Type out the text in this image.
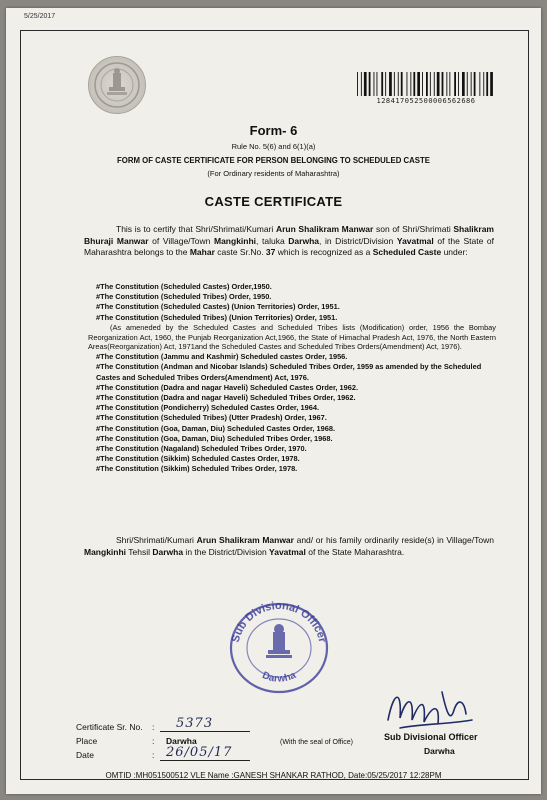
5/25/2017
128417052500006562686
Form- 6
Rule No. 5(6) and 6(1)(a)
FORM OF CASTE CERTIFICATE FOR PERSON BELONGING TO SCHEDULED CASTE
(For Ordinary residents of Maharashtra)
CASTE CERTIFICATE
This is to certify that Shri/Shrimati/Kumari Arun Shalikram Manwar son of Shri/Shrimati Shalikram Bhuraji Manwar of Village/Town Mangkinhi, taluka Darwha, in District/Division Yavatmal of the State of Maharashtra belongs to the Mahar caste Sr.No. 37 which is recognized as a Scheduled Caste under:
#The Constitution (Scheduled Castes) Order,1950.
#The Constitution (Scheduled Tribes) Order, 1950.
#The Constitution (Scheduled Castes) (Union Territories) Order, 1951.
#The Constitution (Scheduled Tribes) (Union Territories) Order, 1951.
(As ameneded by the Scheduled Castes and Scheduled Tribes lists (Modification) order, 1956 the Bombay Reorganization Act, 1960, the Punjab Reorganization Act,1966, the State of Himachal Pradesh Act, 1976, the North Eastern Areas(Reorganization) Act, 1971and the Scheduled Castes and Scheduled Tribes Orders(Amendment) Act, 1976).
#The Constitution (Jammu and Kashmir) Scheduled castes Order, 1956.
#The Constitution (Andman and Nicobar Islands) Scheduled Tribes Order, 1959 as amended by the Scheduled Castes and Scheduled Tribes Orders(Amendment) Act, 1976.
#The Constitution (Dadra and nagar Haveli) Scheduled Castes Order, 1962.
#The Constitution (Dadra and nagar Haveli) Scheduled Tribes Order, 1962.
#The Constitution (Pondicherry) Scheduled Castes Order, 1964.
#The Constitution (Scheduled Tribes) (Utter Pradesh) Order, 1967.
#The Constitution (Goa, Daman, Diu) Scheduled Castes Order, 1968.
#The Constitution (Goa, Daman, Diu) Scheduled Tribes Order, 1968.
#The Constitution (Nagaland) Scheduled Tribes Order, 1970.
#The Constitution (Sikkim) Scheduled Castes Order, 1978.
#The Constitution (Sikkim) Scheduled Tribes Order, 1978.
Shri/Shrimati/Kumari Arun Shalikram Manwar and/ or his family ordinarily reside(s) in Village/Town Mangkinhi Tehsil Darwha in the District/Division Yavatmal of the State Maharashtra.
Sub Divisional Officer
Darwha
Certificate Sr. No. : 5373
Place	: Darwha
Date	: 26/05/17
(With the seal of Office)
Sub Divisional Officer
Darwha
OMTID :MH051500512 VLE Name :GANESH SHANKAR RATHOD, Date:05/25/2017 12:28PM
